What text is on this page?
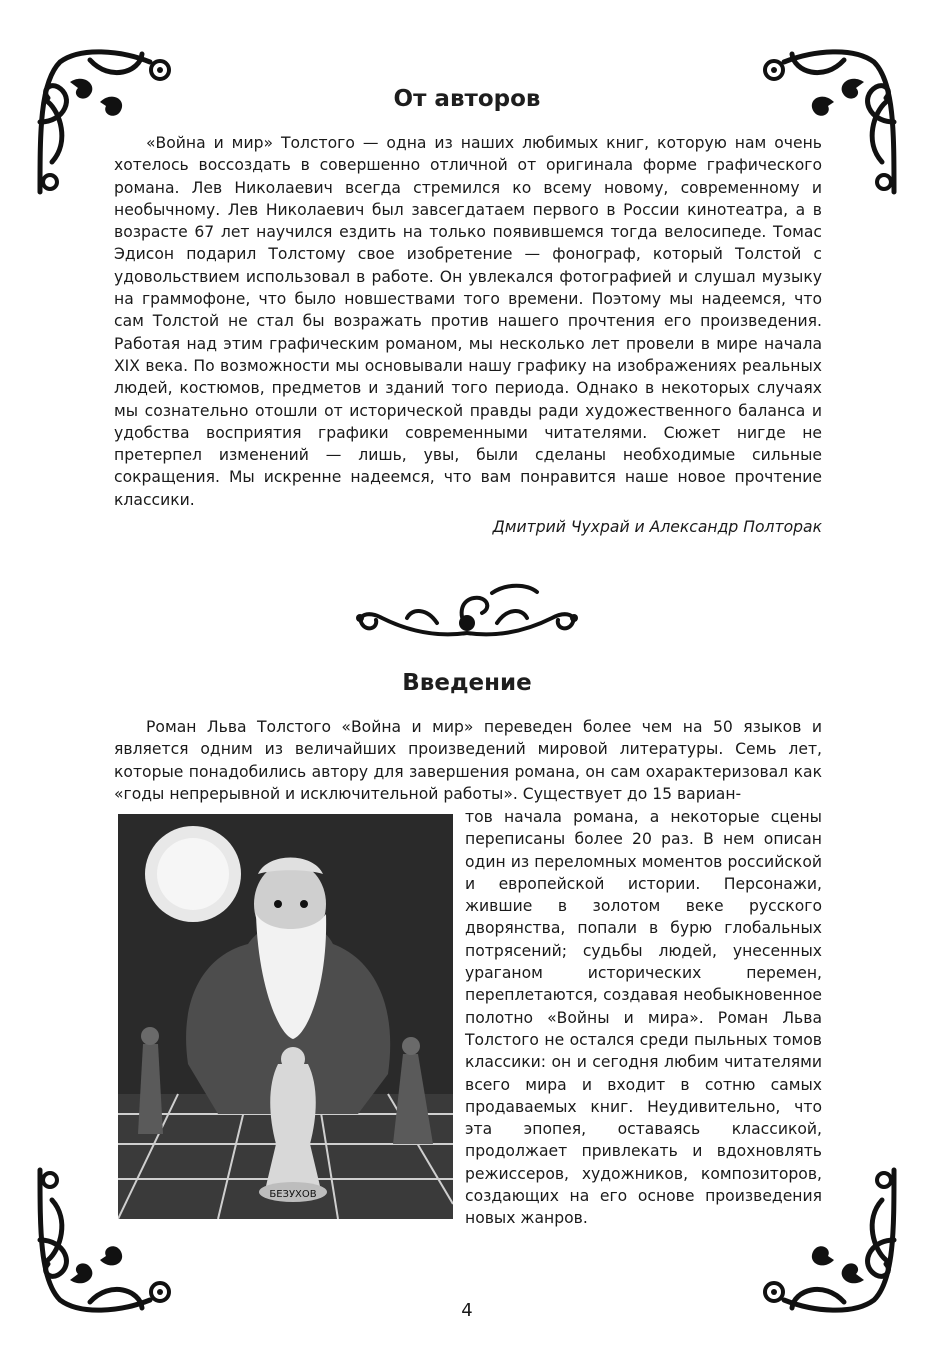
От авторов

«Война и мир» Толстого — одна из наших любимых книг, которую нам очень хотелось воссоздать в совершенно отличной от оригинала форме графического романа. Лев Николаевич всегда стремился ко всему новому, современному и необычному. Лев Николаевич был завсегдатаем первого в России кинотеатра, а в возрасте 67 лет научился ездить на только появившемся тогда велосипеде. Томас Эдисон подарил Толстому свое изобретение — фонограф, который Толстой с удовольствием использовал в работе. Он увлекался фотографией и слушал музыку на граммофоне, что было новшествами того времени. Поэтому мы надеемся, что сам Толстой не стал бы возражать против нашего прочтения его произведения. Работая над этим графическим романом, мы несколько лет провели в мире начала XIX века. По возможности мы основывали нашу графику на изображениях реальных людей, костюмов, предметов и зданий того периода. Однако в некоторых случаях мы сознательно отошли от исторической правды ради художественного баланса и удобства восприятия графики современными читателями. Сюжет нигде не претерпел изменений — лишь, увы, были сделаны необходимые сильные сокращения. Мы искренне надеемся, что вам понравится наше новое прочтение классики.

Дмитрий Чухрай и Александр Полторак
Введение

Роман Льва Толстого «Война и мир» переведен более чем на 50 языков и является одним из величайших произведений мировой литературы. Семь лет, которые понадобились автору для завершения романа, он сам охарактеризовал как «годы непрерывной и исключительной работы». Существует до 15 вариан-

БЕЗУХОВ

тов начала романа, а некоторые сцены переписаны более 20 раз. В нем описан один из переломных моментов российской и европейской истории. Персонажи, жившие в золотом веке русского дворянства, попали в бурю глобальных потрясений; судьбы людей, унесенных ураганом исторических перемен, переплетаются, создавая необыкновенное полотно «Войны и мира». Роман Льва Толстого не остался среди пыльных томов классики: он и сегодня любим читателями всего мира и входит в сотню самых продаваемых книг. Неудивительно, что эта эпопея, оставаясь классикой, продолжает привлекать и вдохновлять режиссеров, художников, композиторов, создающих на его основе произведения новых жанров.

4
